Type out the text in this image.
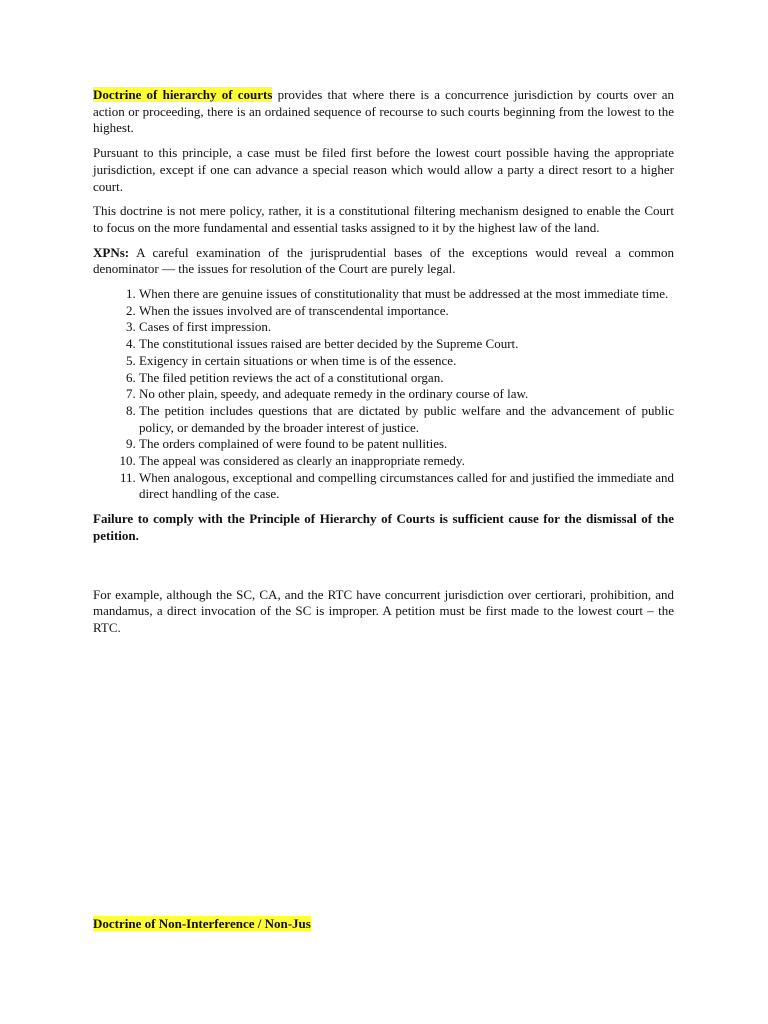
Doctrine of hierarchy of courts provides that where there is a concurrence jurisdiction by courts over an action or proceeding, there is an ordained sequence of recourse to such courts beginning from the lowest to the highest.

Pursuant to this principle, a case must be filed first before the lowest court possible having the appropriate jurisdiction, except if one can advance a special reason which would allow a party a direct resort to a higher court.

This doctrine is not mere policy, rather, it is a constitutional filtering mechanism designed to enable the Court to focus on the more fundamental and essential tasks assigned to it by the highest law of the land.

XPNs: A careful examination of the jurisprudential bases of the exceptions would reveal a common denominator — the issues for resolution of the Court are purely legal.

1. When there are genuine issues of constitutionality that must be addressed at the most immediate time.
2. When the issues involved are of transcendental importance.
3. Cases of first impression.
4. The constitutional issues raised are better decided by the Supreme Court.
5. Exigency in certain situations or when time is of the essence.
6. The filed petition reviews the act of a constitutional organ.
7. No other plain, speedy, and adequate remedy in the ordinary course of law.
8. The petition includes questions that are dictated by public welfare and the advancement of public policy, or demanded by the broader interest of justice.
9. The orders complained of were found to be patent nullities.
10. The appeal was considered as clearly an inappropriate remedy.
11. When analogous, exceptional and compelling circumstances called for and justified the immediate and direct handling of the case.

Failure to comply with the Principle of Hierarchy of Courts is sufficient cause for the dismissal of the petition.

For example, although the SC, CA, and the RTC have concurrent jurisdiction over certiorari, prohibition, and mandamus, a direct invocation of the SC is improper. A petition must be first made to the lowest court – the RTC.

Doctrine of Non-Interference / Non-Jus
